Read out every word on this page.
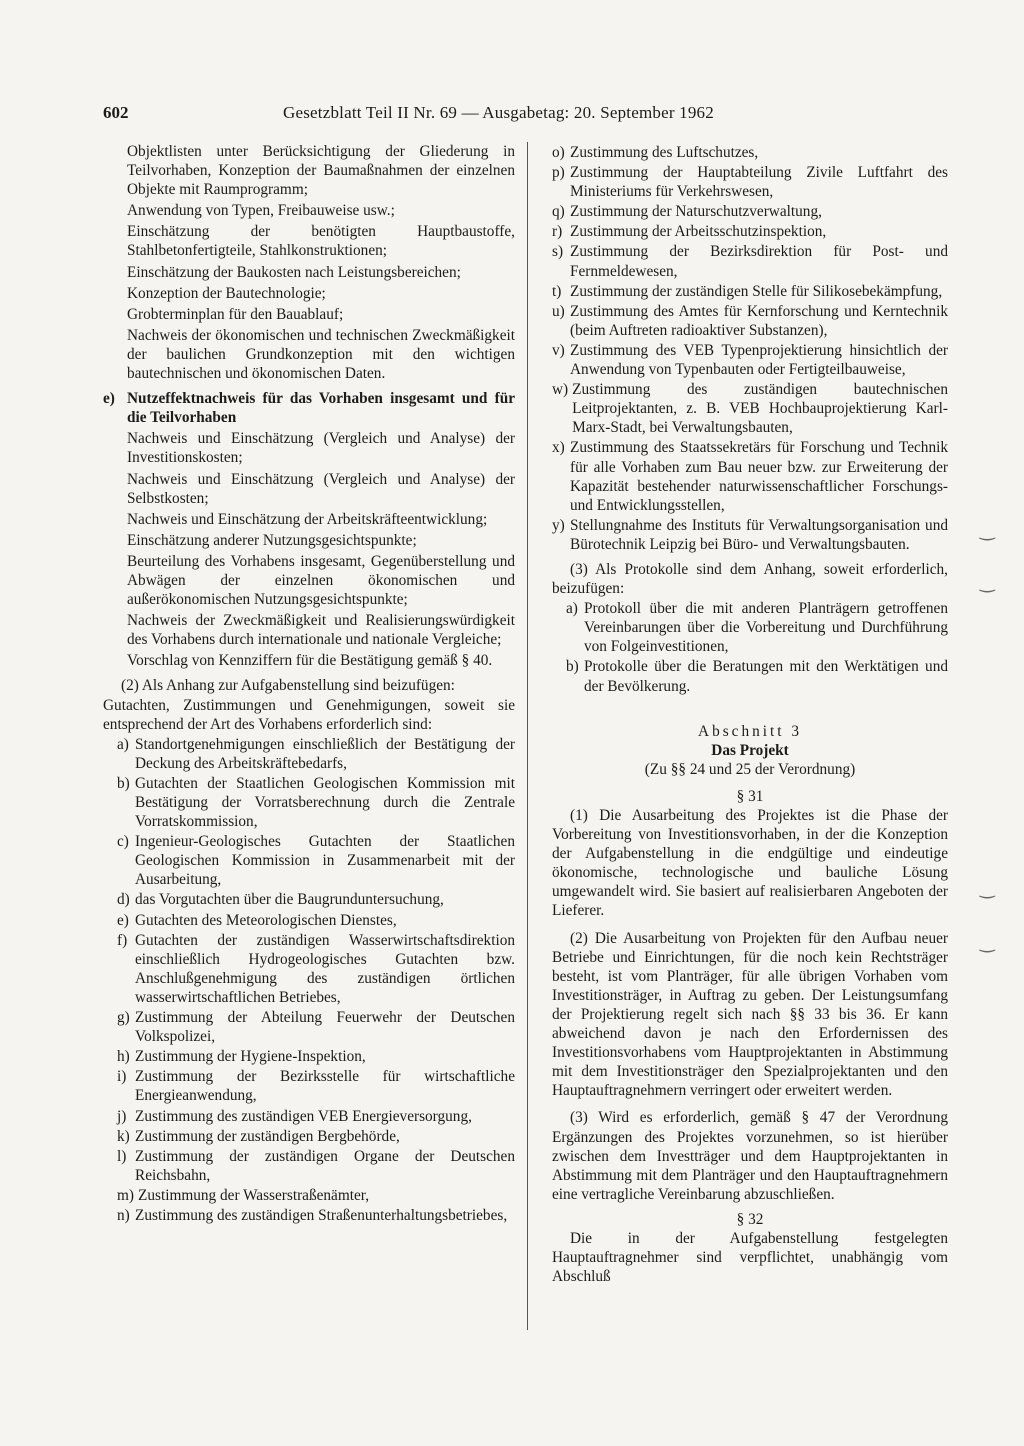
602	Gesetzblatt Teil II Nr. 69 — Ausgabetag: 20. September 1962

Objektlisten unter Berücksichtigung der Gliederung in Teilvorhaben, Konzeption der Baumaßnahmen der einzelnen Objekte mit Raumprogramm;

Anwendung von Typen, Freibauweise usw.;

Einschätzung der benötigten Hauptbaustoffe, Stahlbetonfertigteile, Stahlkonstruktionen;

Einschätzung der Baukosten nach Leistungsbereichen;

Konzeption der Bautechnologie;

Grobterminplan für den Bauablauf;

Nachweis der ökonomischen und technischen Zweckmäßigkeit der baulichen Grundkonzeption mit den wichtigen bautechnischen und ökonomischen Daten.

e) Nutzeffektnachweis für das Vorhaben insgesamt und für die Teilvorhaben

Nachweis und Einschätzung (Vergleich und Analyse) der Investitionskosten;

Nachweis und Einschätzung (Vergleich und Analyse) der Selbstkosten;

Nachweis und Einschätzung der Arbeitskräfteentwicklung;

Einschätzung anderer Nutzungsgesichtspunkte;

Beurteilung des Vorhabens insgesamt, Gegenüberstellung und Abwägen der einzelnen ökonomischen und außerökonomischen Nutzungsgesichtspunkte;

Nachweis der Zweckmäßigkeit und Realisierungswürdigkeit des Vorhabens durch internationale und nationale Vergleiche;

Vorschlag von Kennziffern für die Bestätigung gemäß § 40.

(2) Als Anhang zur Aufgabenstellung sind beizufügen:

Gutachten, Zustimmungen und Genehmigungen, soweit sie entsprechend der Art des Vorhabens erforderlich sind:

a) Standortgenehmigungen einschließlich der Bestätigung der Deckung des Arbeitskräftebedarfs,
b) Gutachten der Staatlichen Geologischen Kommission mit Bestätigung der Vorratsberechnung durch die Zentrale Vorratskommission,
c) Ingenieur-Geologisches Gutachten der Staatlichen Geologischen Kommission in Zusammenarbeit mit der Ausarbeitung,
d) das Vorgutachten über die Baugrunduntersuchung,
e) Gutachten des Meteorologischen Dienstes,
f) Gutachten der zuständigen Wasserwirtschaftsdirektion einschließlich Hydrogeologisches Gutachten bzw. Anschlußgenehmigung des zuständigen örtlichen wasserwirtschaftlichen Betriebes,
g) Zustimmung der Abteilung Feuerwehr der Deutschen Volkspolizei,
h) Zustimmung der Hygiene-Inspektion,
i) Zustimmung der Bezirksstelle für wirtschaftliche Energieanwendung,
j) Zustimmung des zuständigen VEB Energieversorgung,
k) Zustimmung der zuständigen Bergbehörde,
l) Zustimmung der zuständigen Organe der Deutschen Reichsbahn,
m) Zustimmung der Wasserstraßenämter,
n) Zustimmung des zuständigen Straßenunterhaltungsbetriebes,
o) Zustimmung des Luftschutzes,
p) Zustimmung der Hauptabteilung Zivile Luftfahrt des Ministeriums für Verkehrswesen,
q) Zustimmung der Naturschutzverwaltung,
r) Zustimmung der Arbeitsschutzinspektion,
s) Zustimmung der Bezirksdirektion für Post- und Fernmeldewesen,
t) Zustimmung der zuständigen Stelle für Silikosebekämpfung,
u) Zustimmung des Amtes für Kernforschung und Kerntechnik (beim Auftreten radioaktiver Substanzen),
v) Zustimmung des VEB Typenprojektierung hinsichtlich der Anwendung von Typenbauten oder Fertigteilbauweise,
w) Zustimmung des zuständigen bautechnischen Leitprojektanten, z. B. VEB Hochbauprojektierung Karl-Marx-Stadt, bei Verwaltungsbauten,
x) Zustimmung des Staatssekretärs für Forschung und Technik für alle Vorhaben zum Bau neuer bzw. zur Erweiterung der Kapazität bestehender naturwissenschaftlicher Forschungs- und Entwicklungsstellen,
y) Stellungnahme des Instituts für Verwaltungsorganisation und Bürotechnik Leipzig bei Büro- und Verwaltungsbauten.

(3) Als Protokolle sind dem Anhang, soweit erforderlich, beizufügen:

a) Protokoll über die mit anderen Planträgern getroffenen Vereinbarungen über die Vorbereitung und Durchführung von Folgeinvestitionen,
b) Protokolle über die Beratungen mit den Werktätigen und der Bevölkerung.

Abschnitt 3

Das Projekt

(Zu §§ 24 und 25 der Verordnung)

§ 31

(1) Die Ausarbeitung des Projektes ist die Phase der Vorbereitung von Investitionsvorhaben, in der die Konzeption der Aufgabenstellung in die endgültige und eindeutige ökonomische, technologische und bauliche Lösung umgewandelt wird. Sie basiert auf realisierbaren Angeboten der Lieferer.

(2) Die Ausarbeitung von Projekten für den Aufbau neuer Betriebe und Einrichtungen, für die noch kein Rechtsträger besteht, ist vom Planträger, für alle übrigen Vorhaben vom Investitionsträger, in Auftrag zu geben. Der Leistungsumfang der Projektierung regelt sich nach §§ 33 bis 36. Er kann abweichend davon je nach den Erfordernissen des Investitionsvorhabens vom Hauptprojektanten in Abstimmung mit dem Investitionsträger den Spezialprojektanten und den Hauptauftragnehmern verringert oder erweitert werden.

(3) Wird es erforderlich, gemäß § 47 der Verordnung Ergänzungen des Projektes vorzunehmen, so ist hierüber zwischen dem Investträger und dem Hauptprojektanten in Abstimmung mit dem Planträger und den Hauptauftragnehmern eine vertragliche Vereinbarung abzuschließen.

§ 32

Die in der Aufgabenstellung festgelegten Hauptauftragnehmer sind verpflichtet, unabhängig vom Abschluß

‿
‿
‿
‿
